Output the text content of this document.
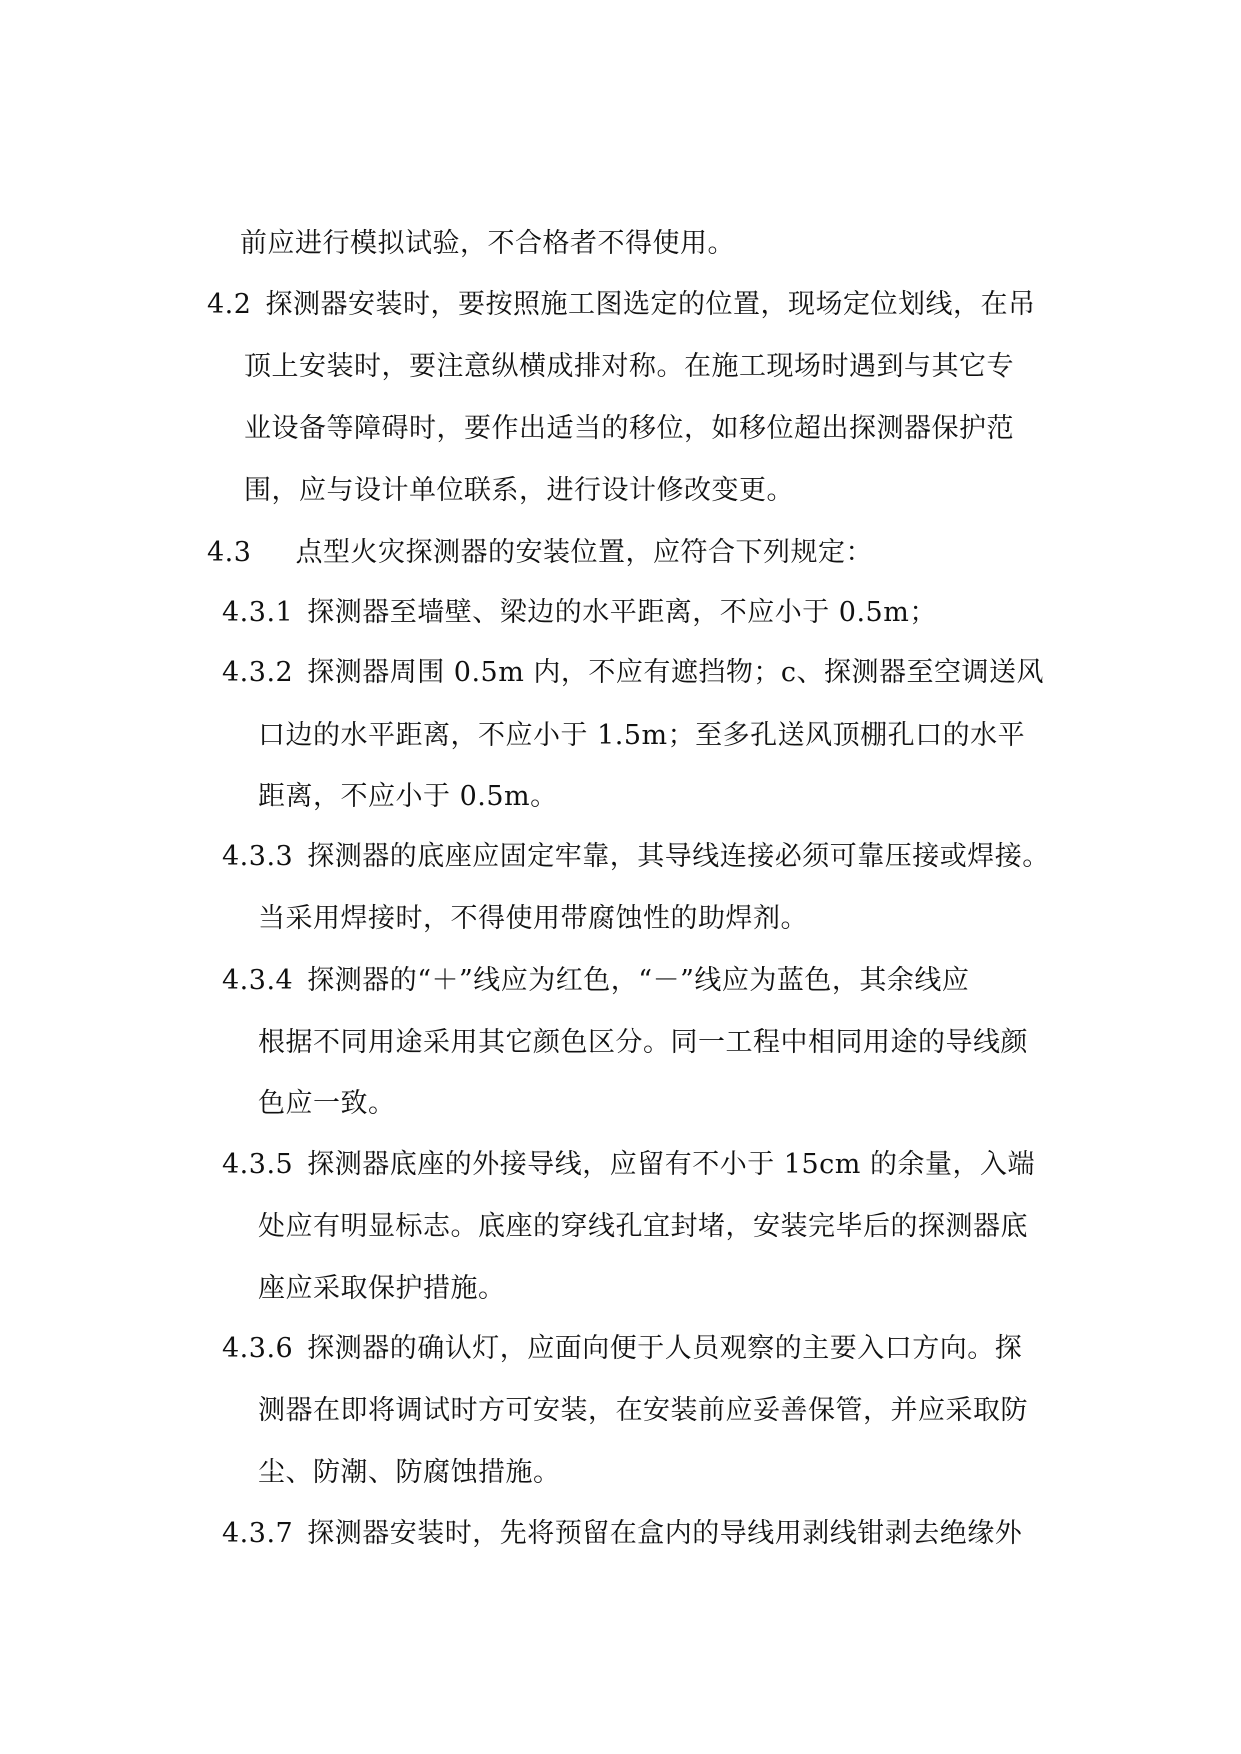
前应进行模拟试验，不合格者不得使用。
4.2 探测器安装时，要按照施工图选定的位置，现场定位划线，在吊
顶上安装时，要注意纵横成排对称。在施工现场时遇到与其它专
业设备等障碍时，要作出适当的移位，如移位超出探测器保护范
围，应与设计单位联系，进行设计修改变更。
4.3 点型火灾探测器的安装位置，应符合下列规定：
4.3.1 探测器至墙壁、梁边的水平距离，不应小于 0.5m；
4.3.2 探测器周围 0.5m 内，不应有遮挡物；c、探测器至空调送风
口边的水平距离，不应小于 1.5m；至多孔送风顶棚孔口的水平
距离，不应小于 0.5m。
4.3.3 探测器的底座应固定牢靠，其导线连接必须可靠压接或焊接。
当采用焊接时，不得使用带腐蚀性的助焊剂。
4.3.4 探测器的“＋”线应为红色，“－”线应为蓝色，其余线应
根据不同用途采用其它颜色区分。同一工程中相同用途的导线颜
色应一致。
4.3.5 探测器底座的外接导线，应留有不小于 15cm 的余量，入端
处应有明显标志。底座的穿线孔宜封堵，安装完毕后的探测器底
座应采取保护措施。
4.3.6 探测器的确认灯，应面向便于人员观察的主要入口方向。探
测器在即将调试时方可安装，在安装前应妥善保管，并应采取防
尘、防潮、防腐蚀措施。
4.3.7 探测器安装时，先将预留在盒内的导线用剥线钳剥去绝缘外
